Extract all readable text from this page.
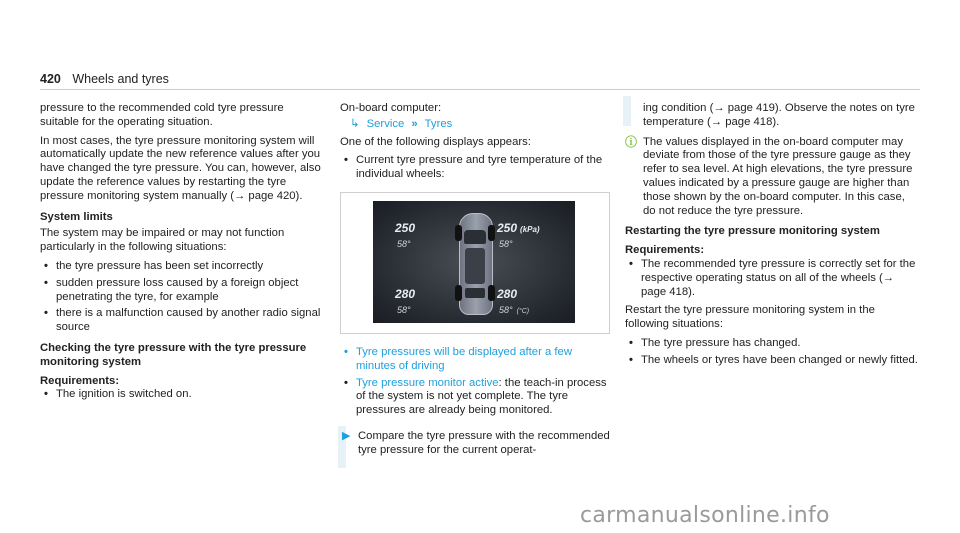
420 Wheels and tyres

pressure to the recommended cold tyre pressure suitable for the operating situation.

In most cases, the tyre pressure monitoring system will automatically update the new reference values after you have changed the tyre pressure. You can, however, also update the reference values by restarting the tyre pressure monitoring system manually (→ page 420).

System limits

The system may be impaired or may not function particularly in the following situations:

• the tyre pressure has been set incorrectly
• sudden pressure loss caused by a foreign object penetrating the tyre, for example
• there is a malfunction caused by another radio signal source
Checking the tyre pressure with the tyre pressure monitoring system
Requirements:
• The ignition is switched on.

On-board computer:

↳ Service » Tyres

One of the following displays appears:

• Current tyre pressure and tyre temperature of the individual wheels:
250
58°
250 (kPa)
58°
280
58°
280
58° (°C)
• Tyre pressures will be displayed after a few minutes of driving
• Tyre pressure monitor active: the teach-in process of the system is not yet complete. The tyre pressures are already being monitored.
▶ Compare the tyre pressure with the recommended tyre pressure for the current operat-
ing condition (→ page 419). Observe the notes on tyre temperature (→ page 418).
ⓘ The values displayed in the on-board computer may deviate from those of the tyre pressure gauge as they refer to sea level. At high elevations, the tyre pressure values indicated by a pressure gauge are higher than those shown by the on-board computer. In this case, do not reduce the tyre pressure.
Restarting the tyre pressure monitoring system
Requirements:
• The recommended tyre pressure is correctly set for the respective operating status on all of the wheels (→ page 418).

Restart the tyre pressure monitoring system in the following situations:

• The tyre pressure has changed.
• The wheels or tyres have been changed or newly fitted.
carmanualsonline.info
